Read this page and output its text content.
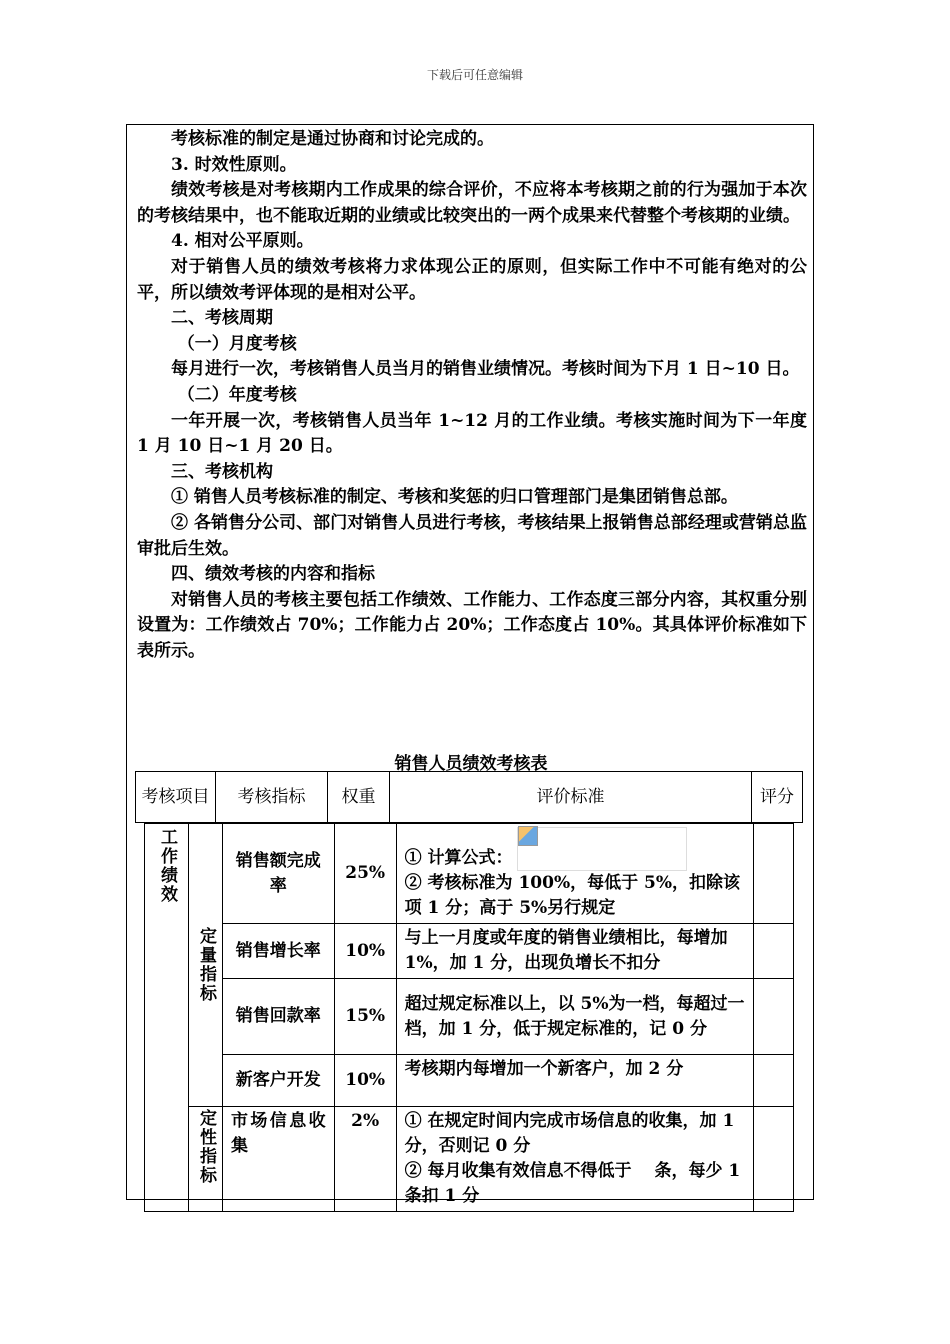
下载后可任意编辑

考核标准的制定是通过协商和讨论完成的。

3. 时效性原则。

绩效考核是对考核期内工作成果的综合评价，不应将本考核期之前的行为强加于本次的考核结果中，也不能取近期的业绩或比较突出的一两个成果来代替整个考核期的业绩。

4. 相对公平原则。

对于销售人员的绩效考核将力求体现公正的原则，但实际工作中不可能有绝对的公平，所以绩效考评体现的是相对公平。

二、考核周期

（一）月度考核

每月进行一次，考核销售人员当月的销售业绩情况。考核时间为下月 1 日~10 日。

（二）年度考核

一年开展一次，考核销售人员当年 1~12 月的工作业绩。考核实施时间为下一年度 1 月 10 日~1 月 20 日。

三、考核机构

① 销售人员考核标准的制定、考核和奖惩的归口管理部门是集团销售总部。

② 各销售分公司、部门对销售人员进行考核，考核结果上报销售总部经理或营销总监审批后生效。

四、绩效考核的内容和指标

对销售人员的考核主要包括工作绩效、工作能力、工作态度三部分内容，其权重分别设置为：工作绩效占 70%；工作能力占 20%；工作态度占 10%。其具体评价标准如下表所示。

销售人员绩效考核表
考核项目	考核指标	权重	评价标准	评分
工作绩效	定量指标	销售额完成率	25%	① 计算公式：

② 考核标准为 100%，每低于 5%，扣除该项 1 分；高于 5%另行规定	
		销售增长率	10%	与上一月度或年度的销售业绩相比，每增加 1%，加 1 分，出现负增长不扣分	
		销售回款率	15%	超过规定标准以上，以 5%为一档，每超过一档，加 1 分，低于规定标准的，记 0 分	
		新客户开发	10%	考核期内每增加一个新客户，加 2 分	

	定性指标	市场信息收集	2%	① 在规定时间内完成市场信息的收集，加 1 分，否则记 0 分
② 每月收集有效信息不得低于　 条，每少 1 条扣 1 分	
